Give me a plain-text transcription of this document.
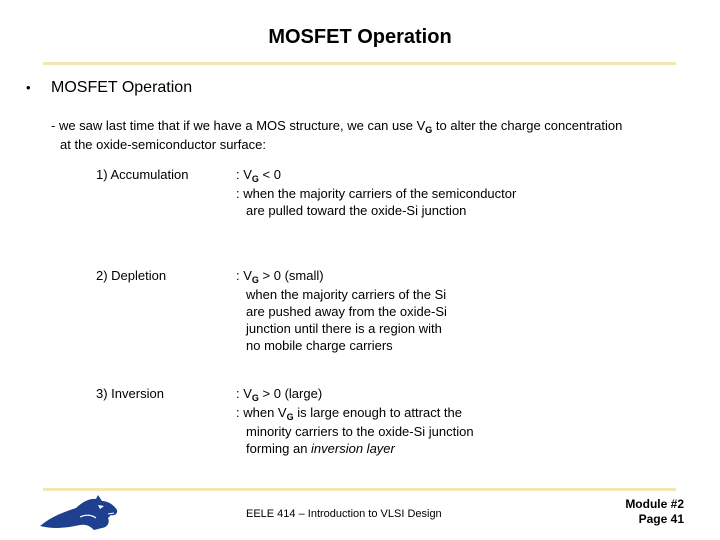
MOSFET Operation
• MOSFET Operation
- we saw last time that if we have a MOS structure, we can use $V_G$ to alter the charge concentration
at the oxide-semiconductor surface:
1) Accumulation	: $V_G < 0$
: when the majority carriers of the semiconductor
are pulled toward the oxide-Si junction
2) Depletion	: $V_G > 0$ (small)
when the majority carriers of the Si
are pushed away from the oxide-Si
junction until there is a region with
no mobile charge carriers
3) Inversion	: $V_G > 0$ (large)
: when $V_G$ is large enough to attract the
minority carriers to the oxide-Si junction
forming an inversion layer
EELE 414 – Introduction to VLSI Design
Module #2
Page 41
